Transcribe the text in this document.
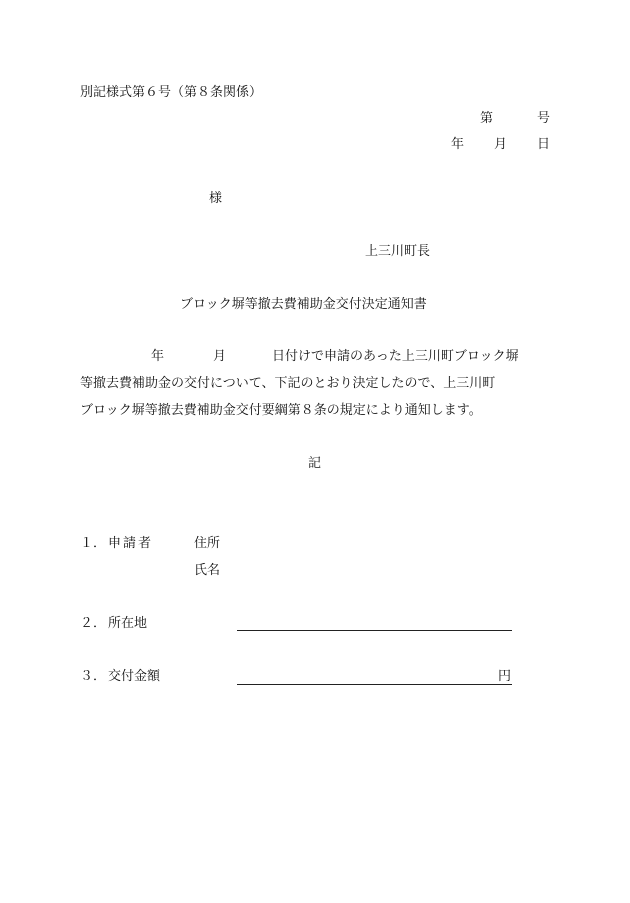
別記様式第６号（第８条関係）
第	号
年 月 日
様
上三川町長
ブロック塀等撤去費補助金交付決定通知書
年	月	日付けで申請のあった上三川町ブロック塀
等撤去費補助金の交付について、下記のとおり決定したので、上三川町
ブロック塀等撤去費補助金交付要綱第８条の規定により通知します。
記
１． 申請者	住所
氏名
２． 所在地
３． 交付金額	円
